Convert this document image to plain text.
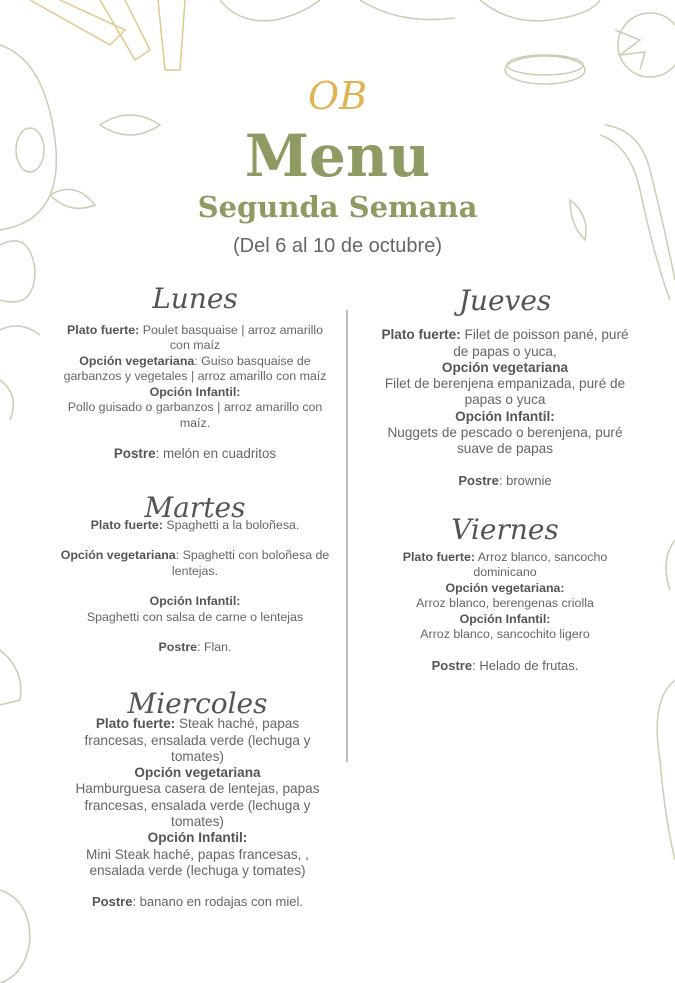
OB
Menu
Segunda Semana
(Del 6 al 10 de octubre)
Lunes
Plato fuerte: Poulet basquaise | arroz amarillo con maíz
Opción vegetariana: Guiso basquaise de garbanzos y vegetales | arroz amarillo con maíz
Opción Infantil:
Pollo guisado o garbanzos | arroz amarillo con maíz.
Postre: melón en cuadritos
Martes
Plato fuerte: Spaghetti a la boloñesa.
Opción vegetariana: Spaghetti con boloñesa de lentejas.
Opción Infantil:
Spaghetti con salsa de carne o lentejas
Postre: Flan.
Miercoles
Plato fuerte: Steak haché, papas francesas, ensalada verde (lechuga y tomates)
Opción vegetariana
Hamburguesa casera de lentejas, papas francesas, ensalada verde (lechuga y tomates)
Opción Infantil:
Mini Steak haché, papas francesas, , ensalada verde (lechuga y tomates)
Postre: banano en rodajas con miel.
Jueves
Plato fuerte: Filet de poisson pané, puré de papas o yuca,
Opción vegetariana
Filet de berenjena empanizada, puré de papas o yuca
Opción Infantil:
Nuggets de pescado o berenjena, puré suave de papas
Postre: brownie
Viernes
Plato fuerte: Arroz blanco, sancocho dominicano
Opción vegetariana:
Arroz blanco, berengenas criolla
Opción Infantil:
Arroz blanco, sancochito ligero
Postre: Helado de frutas.
